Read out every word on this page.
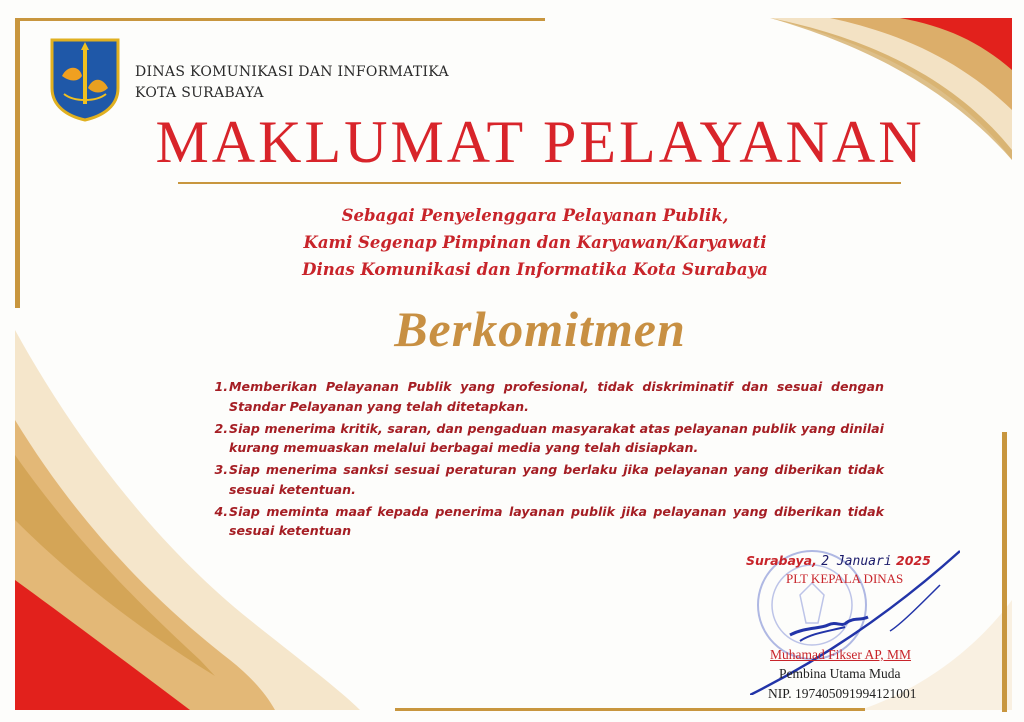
DINAS KOMUNIKASI DAN INFORMATIKA
KOTA SURABAYA
MAKLUMAT PELAYANAN
Sebagai Penyelenggara Pelayanan Publik,
Kami Segenap Pimpinan dan Karyawan/Karyawati
Dinas Komunikasi dan Informatika Kota Surabaya
Berkomitmen
1. Memberikan Pelayanan Publik yang profesional, tidak diskriminatif dan sesuai dengan Standar Pelayanan yang telah ditetapkan.
2. Siap menerima kritik, saran, dan pengaduan masyarakat atas pelayanan publik yang dinilai kurang memuaskan melalui berbagai media yang telah disiapkan.
3. Siap menerima sanksi sesuai peraturan yang berlaku jika pelayanan yang diberikan tidak sesuai ketentuan.
4. Siap meminta maaf kepada penerima layanan publik jika pelayanan yang diberikan tidak sesuai ketentuan
Surabaya, 2 Januari 2025
PLT KEPALA DINAS
Muhamad Fikser AP, MM
Pembina Utama Muda
NIP. 197405091994121001
